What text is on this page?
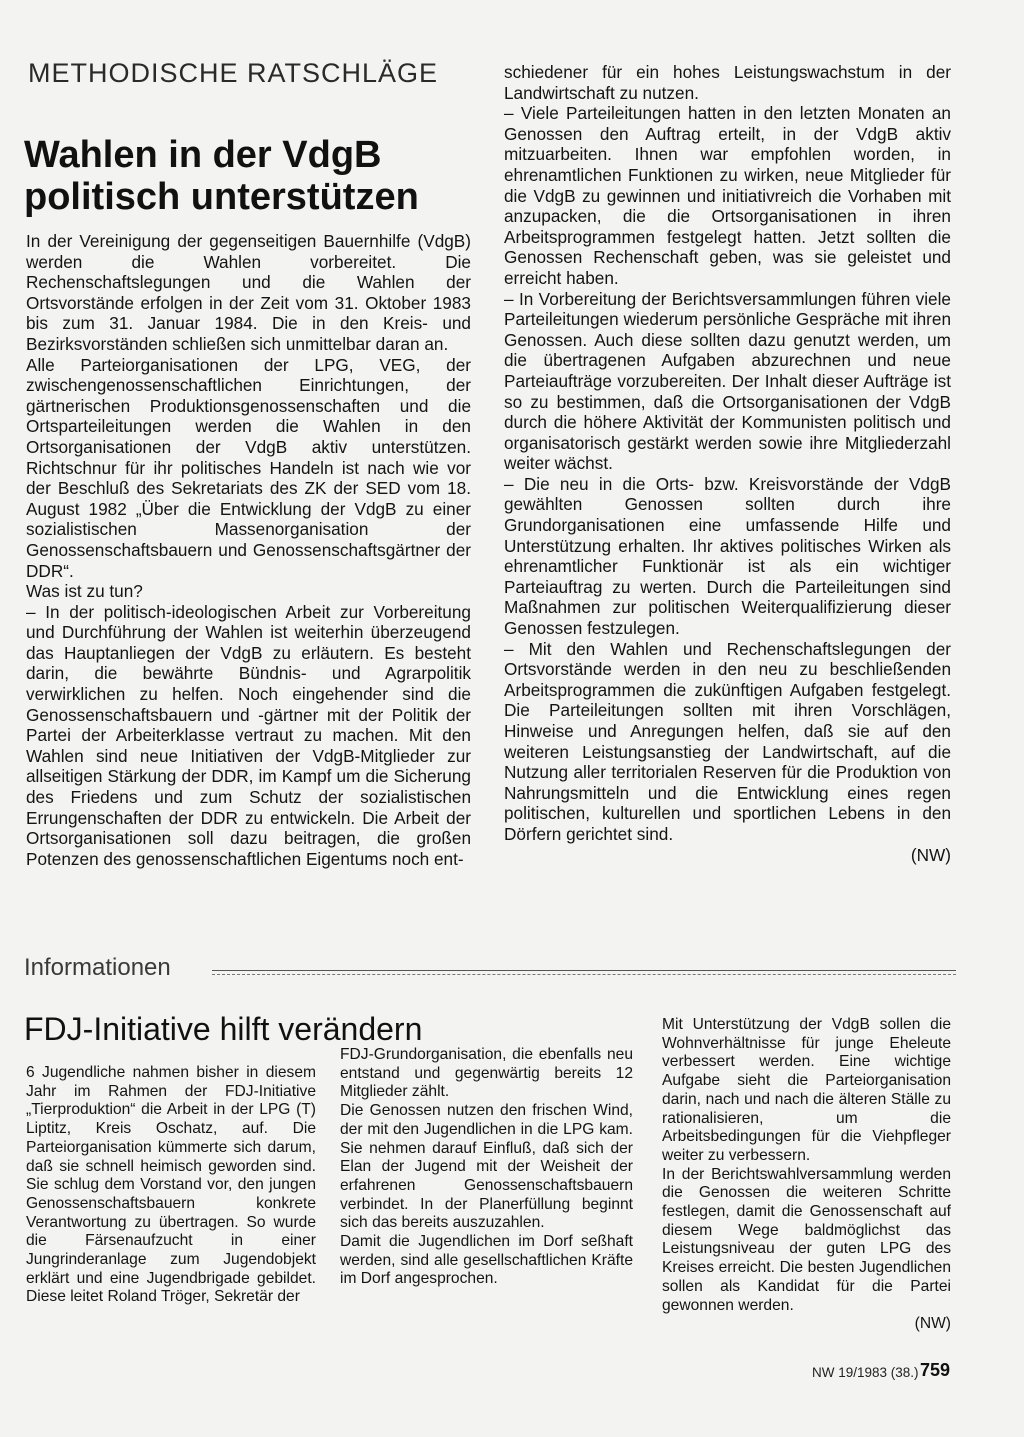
METHODISCHE RATSCHLÄGE
Wahlen in der VdgB
politisch unterstützen

In der Vereinigung der gegenseitigen Bauernhilfe (VdgB) werden die Wahlen vorbereitet. Die Rechenschaftslegungen und die Wahlen der Ortsvorstände erfolgen in der Zeit vom 31. Oktober 1983 bis zum 31. Januar 1984. Die in den Kreis- und Bezirksvorständen schließen sich unmittelbar daran an.

Alle Parteiorganisationen der LPG, VEG, der zwischengenossenschaftlichen Einrichtungen, der gärtnerischen Produktionsgenossenschaften und die Ortsparteileitungen werden die Wahlen in den Ortsorganisationen der VdgB aktiv unterstützen. Richtschnur für ihr politisches Handeln ist nach wie vor der Beschluß des Sekretariats des ZK der SED vom 18. August 1982 „Über die Entwicklung der VdgB zu einer sozialistischen Massenorganisation der Genossenschaftsbauern und Genossenschaftsgärtner der DDR“.

Was ist zu tun?

– In der politisch-ideologischen Arbeit zur Vorbereitung und Durchführung der Wahlen ist weiterhin überzeugend das Hauptanliegen der VdgB zu erläutern. Es besteht darin, die bewährte Bündnis- und Agrarpolitik verwirklichen zu helfen. Noch eingehender sind die Genossenschaftsbauern und -gärtner mit der Politik der Partei der Arbeiterklasse vertraut zu machen. Mit den Wahlen sind neue Initiativen der VdgB-Mitglieder zur allseitigen Stärkung der DDR, im Kampf um die Sicherung des Friedens und zum Schutz der sozialistischen Errungenschaften der DDR zu entwickeln. Die Arbeit der Ortsorganisationen soll dazu beitragen, die großen Potenzen des genossenschaftlichen Eigentums noch ent-

schiedener für ein hohes Leistungswachstum in der Landwirtschaft zu nutzen.

– Viele Parteileitungen hatten in den letzten Monaten an Genossen den Auftrag erteilt, in der VdgB aktiv mitzuarbeiten. Ihnen war empfohlen worden, in ehrenamtlichen Funktionen zu wirken, neue Mitglieder für die VdgB zu gewinnen und initiativreich die Vorhaben mit anzupacken, die die Ortsorganisationen in ihren Arbeitsprogrammen festgelegt hatten. Jetzt sollten die Genossen Rechenschaft geben, was sie geleistet und erreicht haben.

– In Vorbereitung der Berichtsversammlungen führen viele Parteileitungen wiederum persönliche Gespräche mit ihren Genossen. Auch diese sollten dazu genutzt werden, um die übertragenen Aufgaben abzurechnen und neue Parteiaufträge vorzubereiten. Der Inhalt dieser Aufträge ist so zu bestimmen, daß die Ortsorganisationen der VdgB durch die höhere Aktivität der Kommunisten politisch und organisatorisch gestärkt werden sowie ihre Mitgliederzahl weiter wächst.

– Die neu in die Orts- bzw. Kreisvorstände der VdgB gewählten Genossen sollten durch ihre Grundorganisationen eine umfassende Hilfe und Unterstützung erhalten. Ihr aktives politisches Wirken als ehrenamtlicher Funktionär ist als ein wichtiger Parteiauftrag zu werten. Durch die Parteileitungen sind Maßnahmen zur politischen Weiterqualifizierung dieser Genossen festzulegen.

– Mit den Wahlen und Rechenschaftslegungen der Ortsvorstände werden in den neu zu beschließenden Arbeitsprogrammen die zukünftigen Aufgaben festgelegt. Die Parteileitungen sollten mit ihren Vorschlägen, Hinweise und Anregungen helfen, daß sie auf den weiteren Leistungsanstieg der Landwirtschaft, auf die Nutzung aller territorialen Reserven für die Produktion von Nahrungsmitteln und die Entwicklung eines regen politischen, kulturellen und sportlichen Lebens in den Dörfern gerichtet sind.

(NW)

Informationen
FDJ-Initiative hilft verändern

6 Jugendliche nahmen bisher in diesem Jahr im Rahmen der FDJ-Initiative „Tierproduktion“ die Arbeit in der LPG (T) Liptitz, Kreis Oschatz, auf. Die Parteiorganisation kümmerte sich darum, daß sie schnell heimisch geworden sind. Sie schlug dem Vorstand vor, den jungen Genossenschaftsbauern konkrete Verantwortung zu übertragen. So wurde die Färsenaufzucht in einer Jungrinderanlage zum Jugendobjekt erklärt und eine Jugendbrigade gebildet. Diese leitet Roland Tröger, Sekretär der

FDJ-Grundorganisation, die ebenfalls neu entstand und gegenwärtig bereits 12 Mitglieder zählt.

Die Genossen nutzen den frischen Wind, der mit den Jugendlichen in die LPG kam. Sie nehmen darauf Einfluß, daß sich der Elan der Jugend mit der Weisheit der erfahrenen Genossenschaftsbauern verbindet. In der Planerfüllung beginnt sich das bereits auszuzahlen.

Damit die Jugendlichen im Dorf seßhaft werden, sind alle gesellschaftlichen Kräfte im Dorf angesprochen.

Mit Unterstützung der VdgB sollen die Wohnverhältnisse für junge Eheleute verbessert werden. Eine wichtige Aufgabe sieht die Parteiorganisation darin, nach und nach die älteren Ställe zu rationalisieren, um die Arbeitsbedingungen für die Viehpfleger weiter zu verbessern.

In der Berichtswahlversammlung werden die Genossen die weiteren Schritte festlegen, damit die Genossenschaft auf diesem Wege baldmöglichst das Leistungsniveau der guten LPG des Kreises erreicht. Die besten Jugendlichen sollen als Kandidat für die Partei gewonnen werden.

(NW)

NW 19/1983 (38.) 759
